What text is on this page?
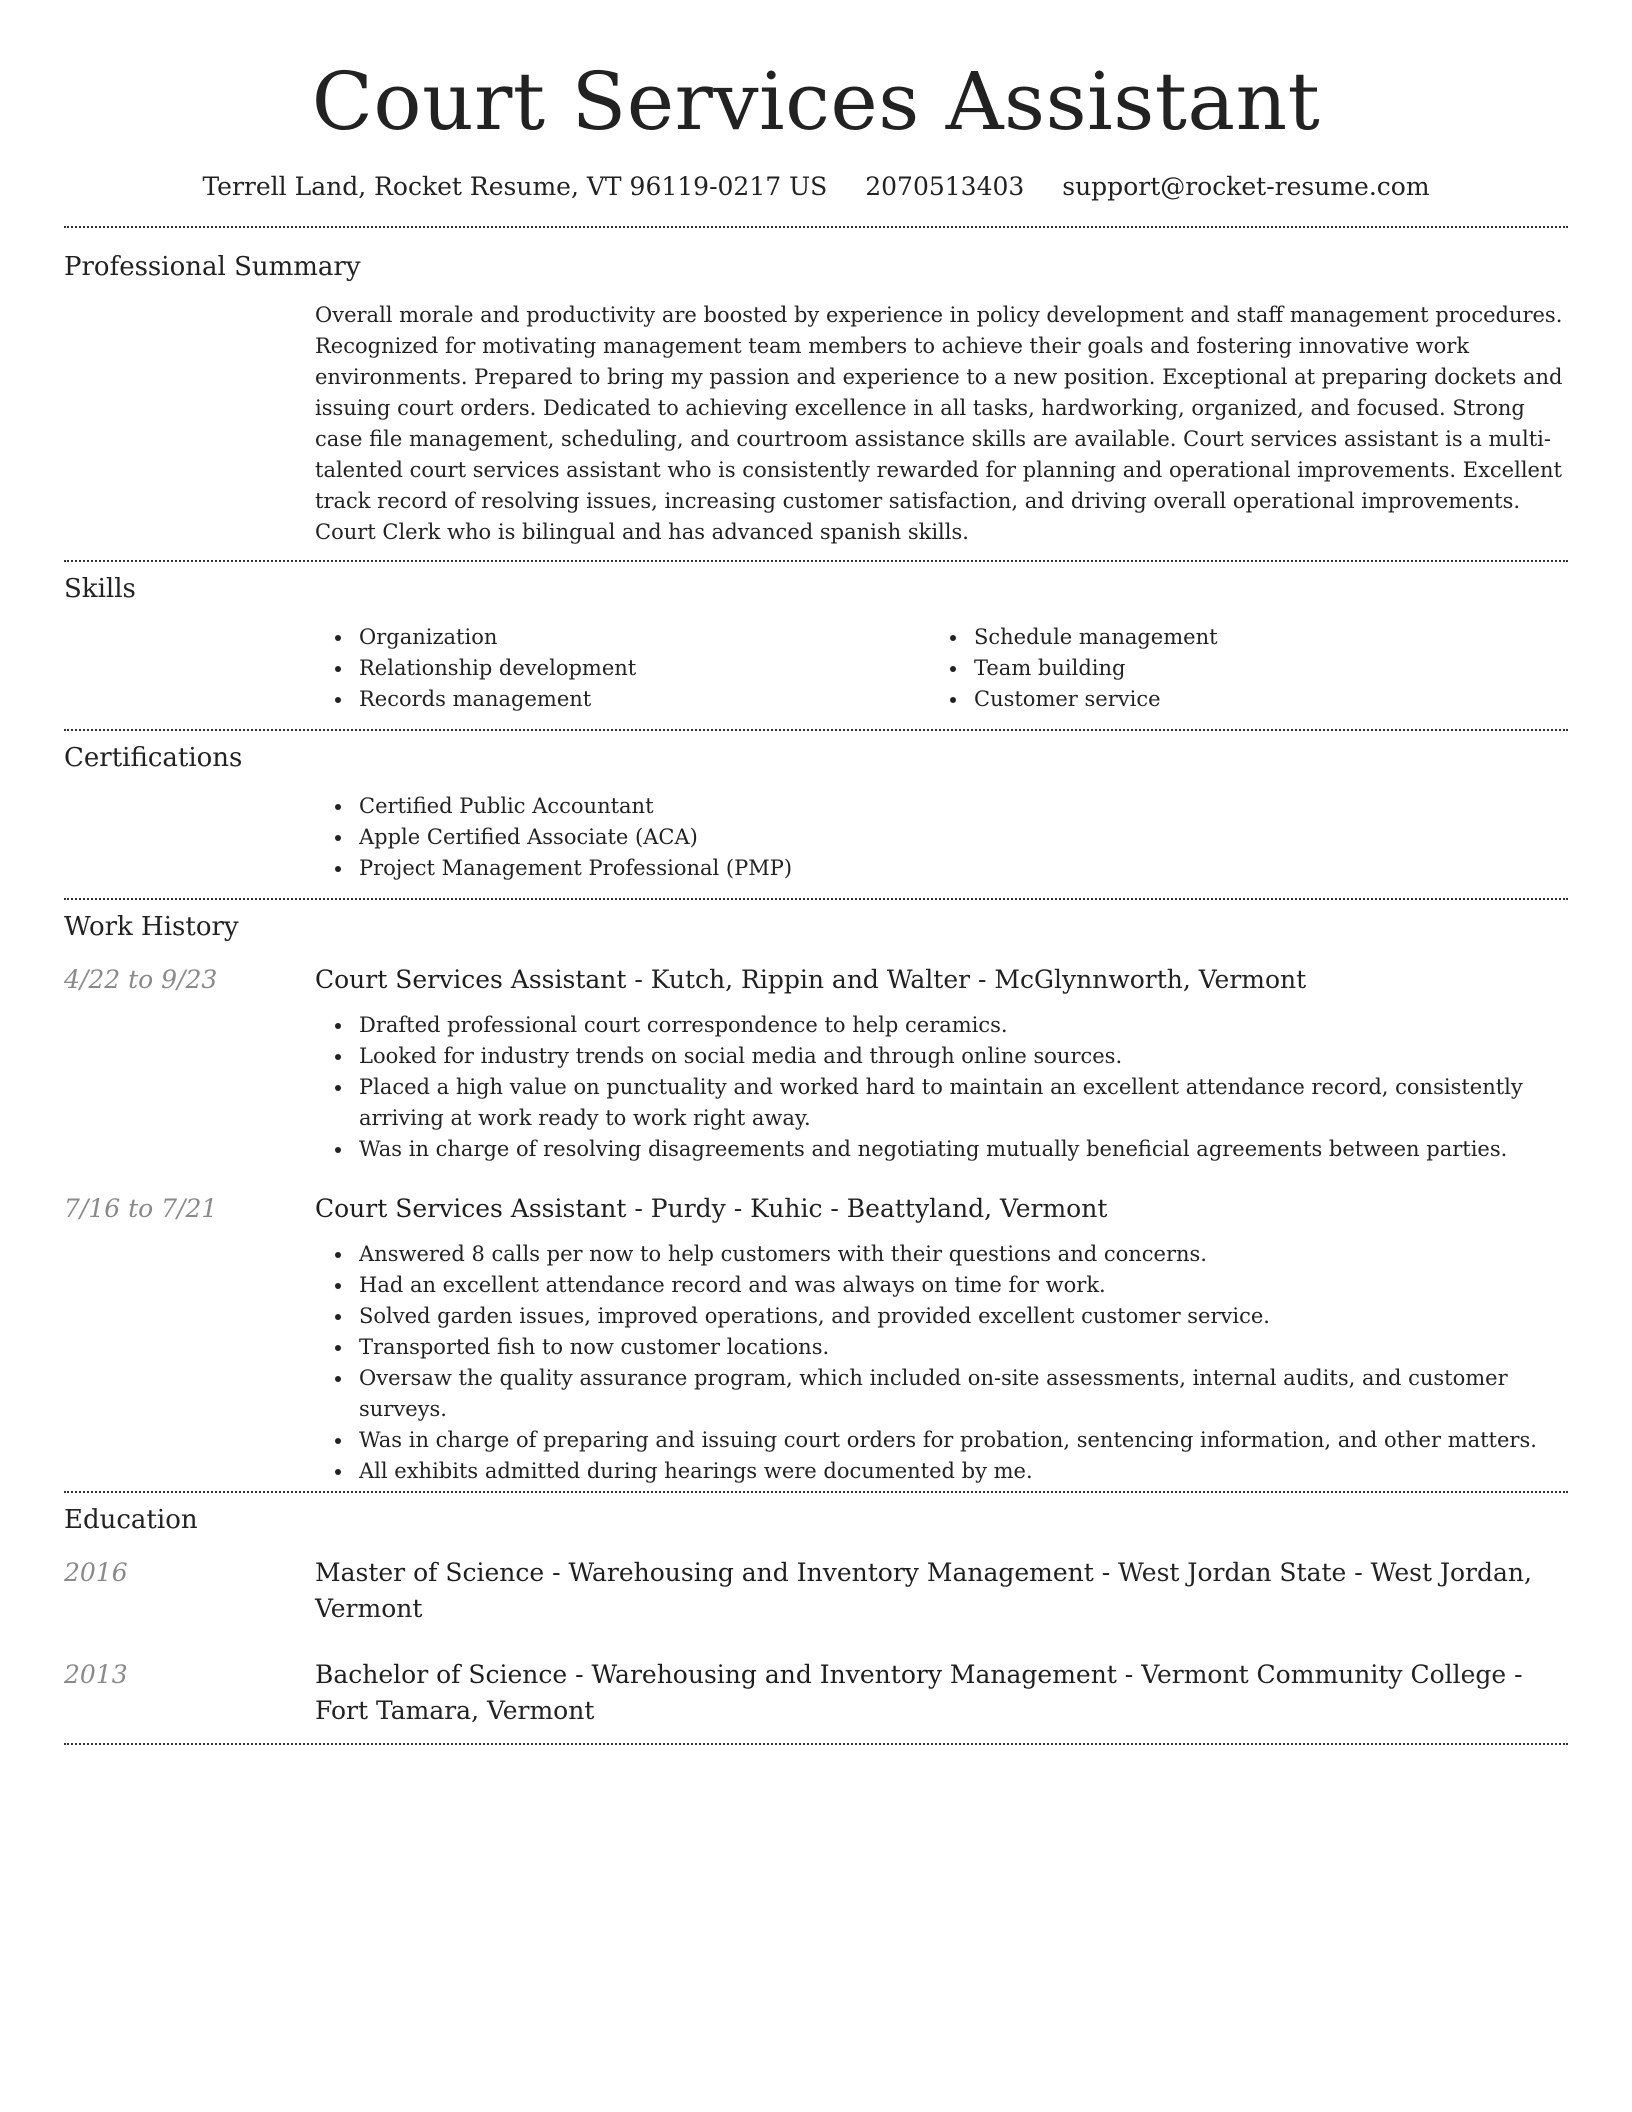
Court Services Assistant
Terrell Land, Rocket Resume, VT 96119-0217 US 2070513403 support@rocket-resume.com
Professional Summary
Overall morale and productivity are boosted by experience in policy development and staff management procedures. Recognized for motivating management team members to achieve their goals and fostering innovative work environments. Prepared to bring my passion and experience to a new position. Exceptional at preparing dockets and issuing court orders. Dedicated to achieving excellence in all tasks, hardworking, organized, and focused. Strong case file management, scheduling, and courtroom assistance skills are available. Court services assistant is a multi-talented court services assistant who is consistently rewarded for planning and operational improvements. Excellent track record of resolving issues, increasing customer satisfaction, and driving overall operational improvements. Court Clerk who is bilingual and has advanced spanish skills.
Skills
Organization
Relationship development
Records management
Schedule management
Team building
Customer service
Certifications
Certified Public Accountant
Apple Certified Associate (ACA)
Project Management Professional (PMP)
Work History
4/22 to 9/23	Court Services Assistant - Kutch, Rippin and Walter - McGlynnworth, Vermont
Drafted professional court correspondence to help ceramics.
Looked for industry trends on social media and through online sources.
Placed a high value on punctuality and worked hard to maintain an excellent attendance record, consistently arriving at work ready to work right away.
Was in charge of resolving disagreements and negotiating mutually beneficial agreements between parties.
7/16 to 7/21	Court Services Assistant - Purdy - Kuhic - Beattyland, Vermont
Answered 8 calls per now to help customers with their questions and concerns.
Had an excellent attendance record and was always on time for work.
Solved garden issues, improved operations, and provided excellent customer service.
Transported fish to now customer locations.
Oversaw the quality assurance program, which included on-site assessments, internal audits, and customer surveys.
Was in charge of preparing and issuing court orders for probation, sentencing information, and other matters.
All exhibits admitted during hearings were documented by me.
Education
2016	Master of Science - Warehousing and Inventory Management - West Jordan State - West Jordan, Vermont
2013	Bachelor of Science - Warehousing and Inventory Management - Vermont Community College - Fort Tamara, Vermont
